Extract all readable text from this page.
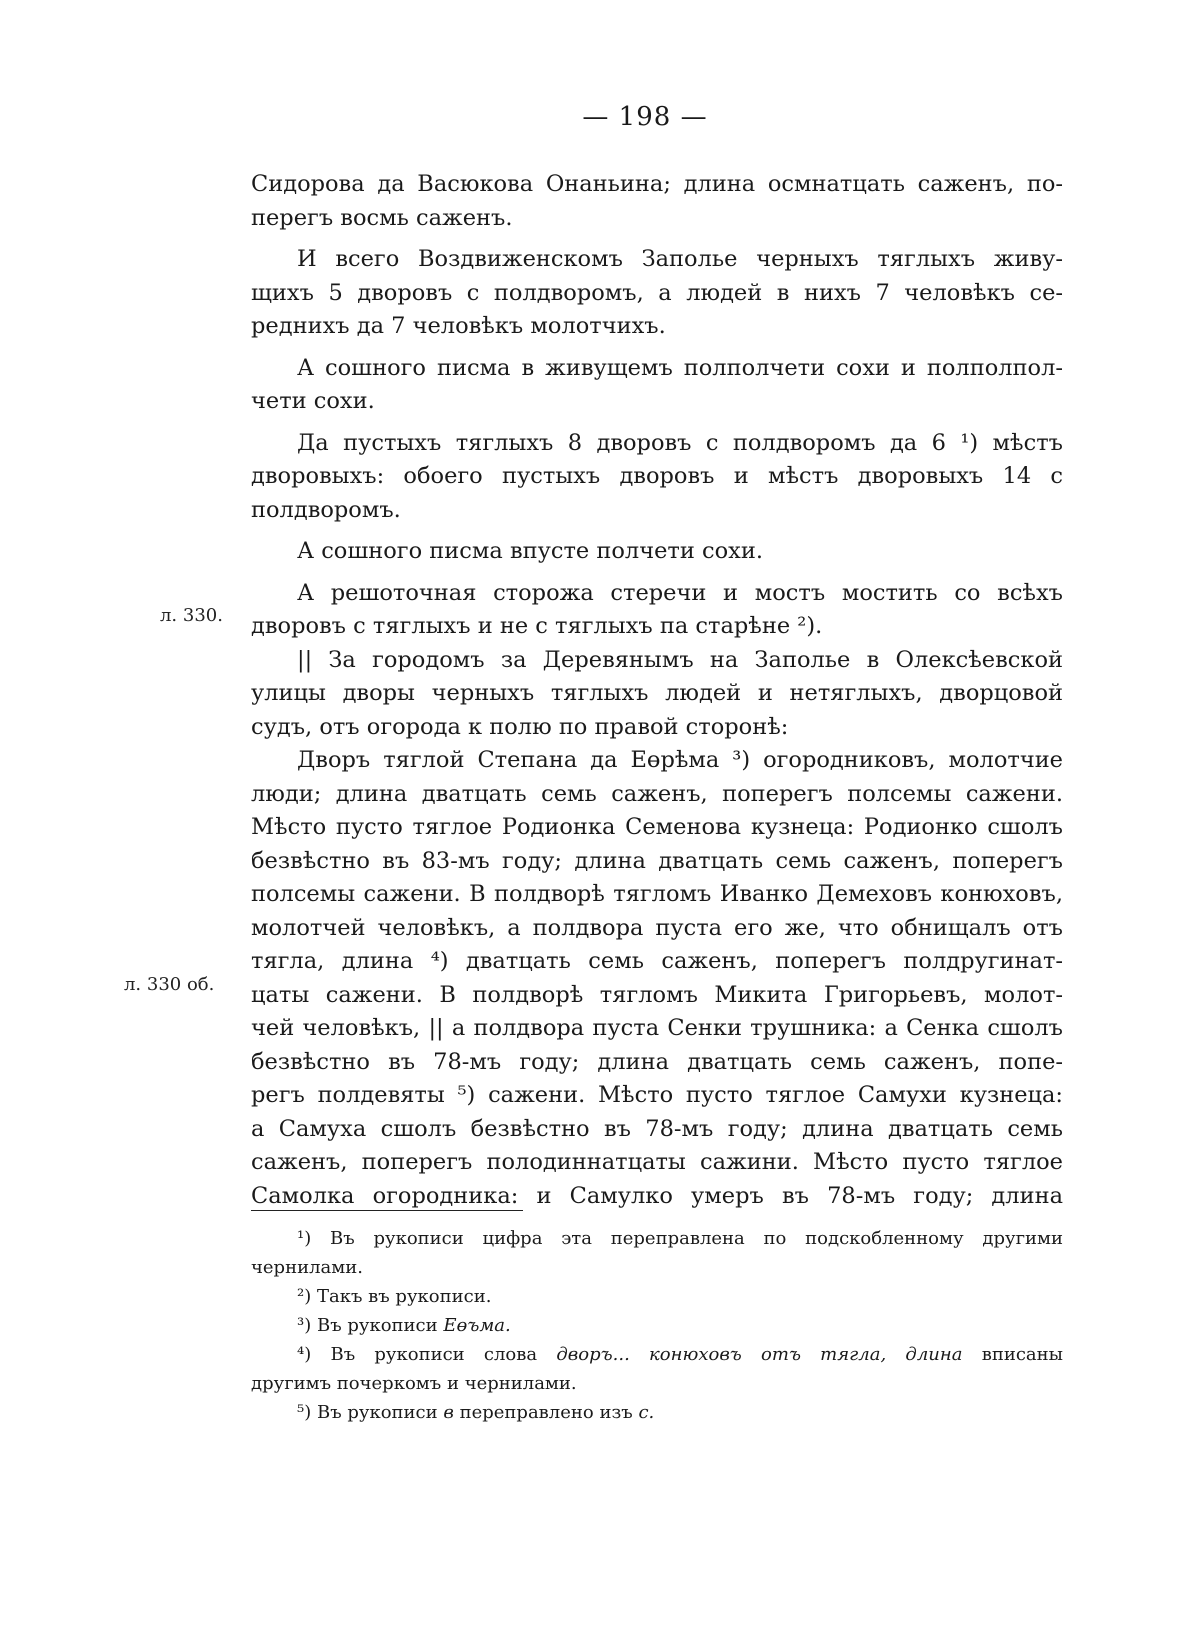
— 198 —
л. 330.
л. 330 об.
Сидорова да Васюкова Онаньина; длина осмнатцать саженъ, по-
перегъ восмь саженъ.
И всего Воздвиженскомъ Заполье черныхъ тяглыхъ живу-
щихъ 5 дворовъ с полдворомъ, а людей в нихъ 7 человѣкъ се-
реднихъ да 7 человѣкъ молотчихъ.
А сошного писма в живущемъ полполчети сохи и полполпол-
чети сохи.
Да пустыхъ тяглыхъ 8 дворовъ с полдворомъ да 6 ¹) мѣстъ
дворовыхъ: обоего пустыхъ дворовъ и мѣстъ дворовыхъ 14 с
полдворомъ.
А сошного писма впусте полчети сохи.
А решоточная сторожа стеречи и мостъ мостить со всѣхъ
дворовъ с тяглыхъ и не с тяглыхъ па старѣне ²).
|| За городомъ за Деревянымъ на Заполье в Олексѣевской
улицы дворы черныхъ тяглыхъ людей и нетяглыхъ, дворцовой
судъ, отъ огорода к полю по правой сторонѣ:
Дворъ тяглой Степана да Еөрѣма ³) огородниковъ, молотчие
люди; длина дватцать семь саженъ, поперегъ полсемы сажени.
Мѣсто пусто тяглое Родионка Семенова кузнеца: Родионко сшолъ
безвѣстно въ 83-мъ году; длина дватцать семь саженъ, поперегъ
полсемы сажени. В полдворѣ тягломъ Иванко Демеховъ конюховъ,
молотчей человѣкъ, а полдвора пуста его же, что обнищалъ отъ
тягла, длина ⁴) дватцать семь саженъ, поперегъ полдругинат-
цаты сажени. В полдворѣ тягломъ Микита Григорьевъ, молот-
чей человѣкъ, || а полдвора пуста Сенки трушника: а Сенка сшолъ
безвѣстно въ 78-мъ году; длина дватцать семь саженъ, попе-
регъ полдевяты ⁵) сажени. Мѣсто пусто тяглое Самухи кузнеца:
а Самуха сшолъ безвѣстно въ 78-мъ году; длина дватцать семь
саженъ, поперегъ полодиннатцаты сажини. Мѣсто пусто тяглое
Самолка огородника: и Самулко умеръ въ 78-мъ году; длина
¹) Въ рукописи цифра эта переправлена по подскобленному другими
чернилами.
²) Такъ въ рукописи.
³) Въ рукописи Еөъма.
⁴) Въ рукописи слова дворъ... конюховъ отъ тягла, длина вписаны
другимъ почеркомъ и чернилами.
⁵) Въ рукописи в переправлено изъ с.
